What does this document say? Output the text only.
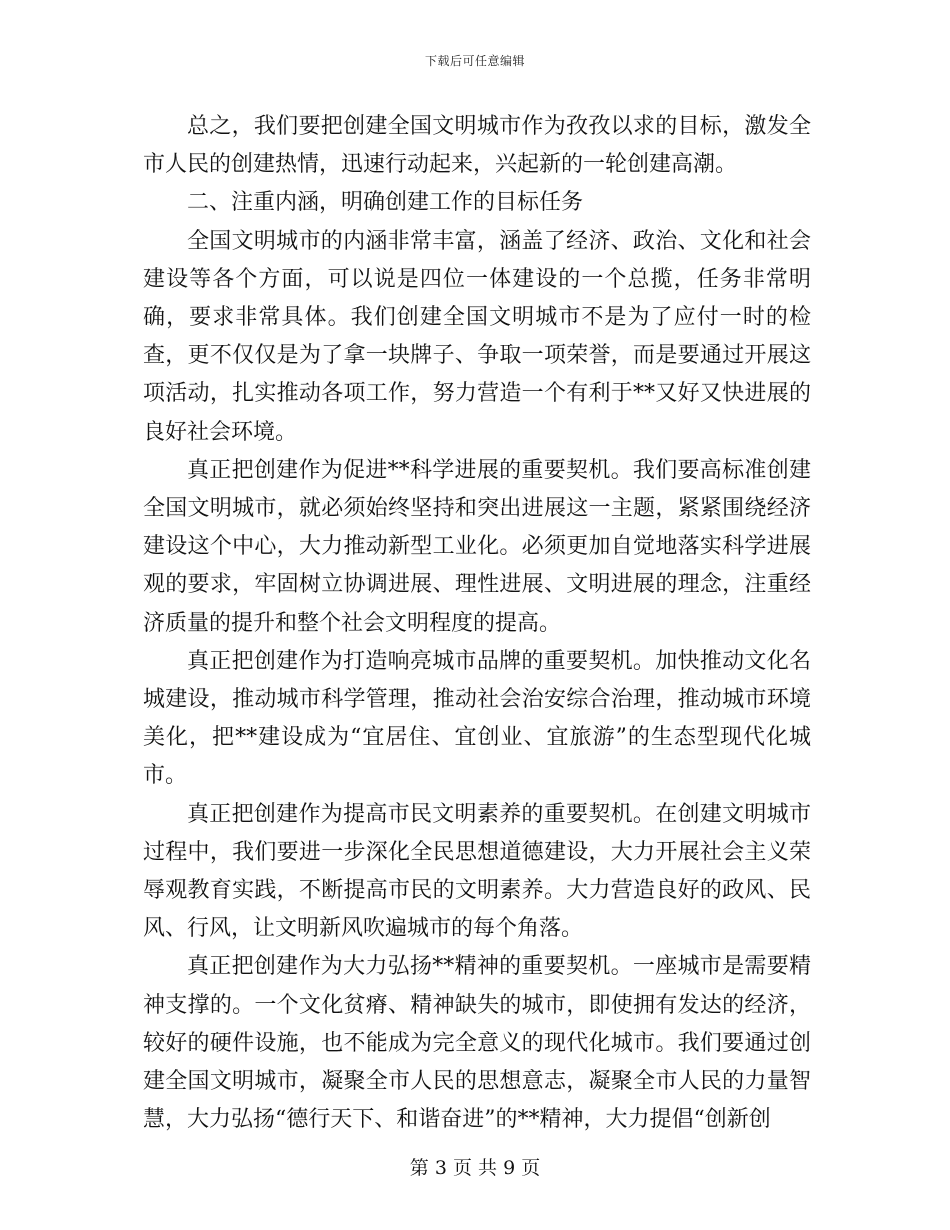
下载后可任意编辑

总之，我们要把创建全国文明城市作为孜孜以求的目标，激发全市人民的创建热情，迅速行动起来，兴起新的一轮创建高潮。

二、注重内涵，明确创建工作的目标任务

全国文明城市的内涵非常丰富，涵盖了经济、政治、文化和社会建设等各个方面，可以说是四位一体建设的一个总揽，任务非常明确，要求非常具体。我们创建全国文明城市不是为了应付一时的检查，更不仅仅是为了拿一块牌子、争取一项荣誉，而是要通过开展这项活动，扎实推动各项工作，努力营造一个有利于**又好又快进展的良好社会环境。

真正把创建作为促进**科学进展的重要契机。我们要高标准创建全国文明城市，就必须始终坚持和突出进展这一主题，紧紧围绕经济建设这个中心，大力推动新型工业化。必须更加自觉地落实科学进展观的要求，牢固树立协调进展、理性进展、文明进展的理念，注重经济质量的提升和整个社会文明程度的提高。

真正把创建作为打造响亮城市品牌的重要契机。加快推动文化名城建设，推动城市科学管理，推动社会治安综合治理，推动城市环境美化，把**建设成为“宜居住、宜创业、宜旅游”的生态型现代化城市。

真正把创建作为提高市民文明素养的重要契机。在创建文明城市过程中，我们要进一步深化全民思想道德建设，大力开展社会主义荣辱观教育实践，不断提高市民的文明素养。大力营造良好的政风、民风、行风，让文明新风吹遍城市的每个角落。

真正把创建作为大力弘扬**精神的重要契机。一座城市是需要精神支撑的。一个文化贫瘠、精神缺失的城市，即使拥有发达的经济，较好的硬件设施，也不能成为完全意义的现代化城市。我们要通过创建全国文明城市，凝聚全市人民的思想意志，凝聚全市人民的力量智慧，大力弘扬“德行天下、和谐奋进”的**精神，大力提倡“创新创

第 3 页 共 9 页
